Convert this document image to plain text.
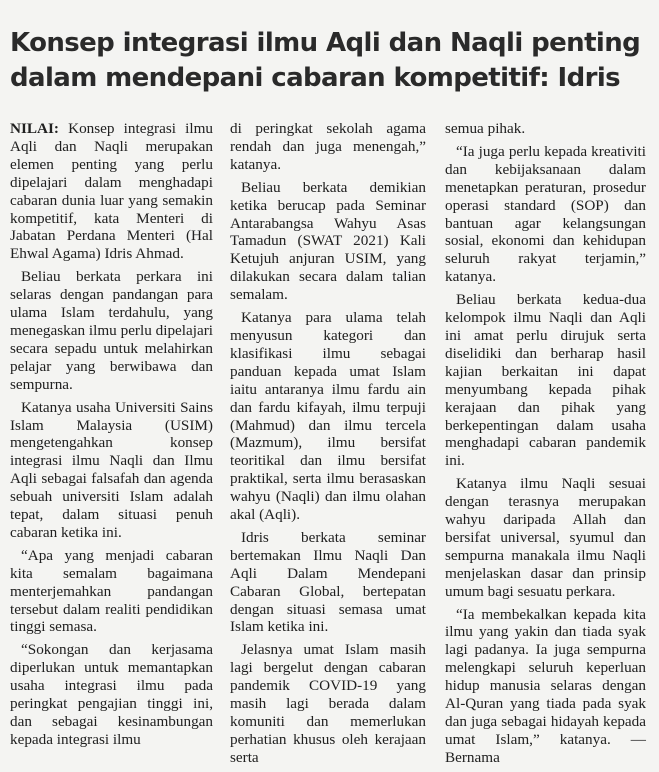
Konsep integrasi ilmu Aqli dan Naqli penting
dalam mendepani cabaran kompetitif: Idris

NILAI: Konsep integrasi ilmu Aqli dan Naqli merupakan elemen penting yang perlu dipelajari dalam menghadapi cabaran dunia luar yang semakin kompetitif, kata Menteri di Jabatan Perdana Menteri (Hal Ehwal Agama) Idris Ahmad.

Beliau berkata perkara ini selaras dengan pandangan para ulama Islam terdahulu, yang menegaskan ilmu perlu dipelajari secara sepadu untuk melahirkan pelajar yang berwibawa dan sempurna.

Katanya usaha Universiti Sains Islam Malaysia (USIM) mengetengahkan konsep integrasi ilmu Naqli dan Ilmu Aqli sebagai falsafah dan agenda sebuah universiti Islam adalah tepat, dalam situasi penuh cabaran ketika ini.

“Apa yang menjadi cabaran kita semalam bagaimana menterjemahkan pandangan tersebut dalam realiti pendidikan tinggi semasa.

“Sokongan dan kerjasama diperlukan untuk memantapkan usaha integrasi ilmu pada peringkat pengajian tinggi ini, dan sebagai kesinambungan kepada integrasi ilmu

di peringkat sekolah agama rendah dan juga menengah,” katanya.

Beliau berkata demikian ketika berucap pada Seminar Antarabangsa Wahyu Asas Tamadun (SWAT 2021) Kali Ketujuh anjuran USIM, yang dilakukan secara dalam talian semalam.

Katanya para ulama telah menyusun kategori dan klasifikasi ilmu sebagai panduan kepada umat Islam iaitu antaranya ilmu fardu ain dan fardu kifayah, ilmu terpuji (Mahmud) dan ilmu tercela (Mazmum), ilmu bersifat teoritikal dan ilmu bersifat praktikal, serta ilmu berasaskan wahyu (Naqli) dan ilmu olahan akal (Aqli).

Idris berkata seminar bertemakan Ilmu Naqli Dan Aqli Dalam Mendepani Cabaran Global, bertepatan dengan situasi semasa umat Islam ketika ini.

Jelasnya umat Islam masih lagi bergelut dengan cabaran pandemik COVID-19 yang masih lagi berada dalam komuniti dan memerlukan perhatian khusus oleh kerajaan serta

semua pihak.

“Ia juga perlu kepada kreativiti dan kebijaksanaan dalam menetapkan peraturan, prosedur operasi standard (SOP) dan bantuan agar kelangsungan sosial, ekonomi dan kehidupan seluruh rakyat terjamin,” katanya.

Beliau berkata kedua-dua kelompok ilmu Naqli dan Aqli ini amat perlu dirujuk serta diselidiki dan berharap hasil kajian berkaitan ini dapat menyumbang kepada pihak kerajaan dan pihak yang berkepentingan dalam usaha menghadapi cabaran pandemik ini.

Katanya ilmu Naqli sesuai dengan terasnya merupakan wahyu daripada Allah dan bersifat universal, syumul dan sempurna manakala ilmu Naqli menjelaskan dasar dan prinsip umum bagi sesuatu perkara.

“Ia membekalkan kepada kita ilmu yang yakin dan tiada syak lagi padanya. Ia juga sempurna melengkapi seluruh keperluan hidup manusia selaras dengan Al-Quran yang tiada pada syak dan juga sebagai hidayah kepada umat Islam,” katanya. — Bernama
